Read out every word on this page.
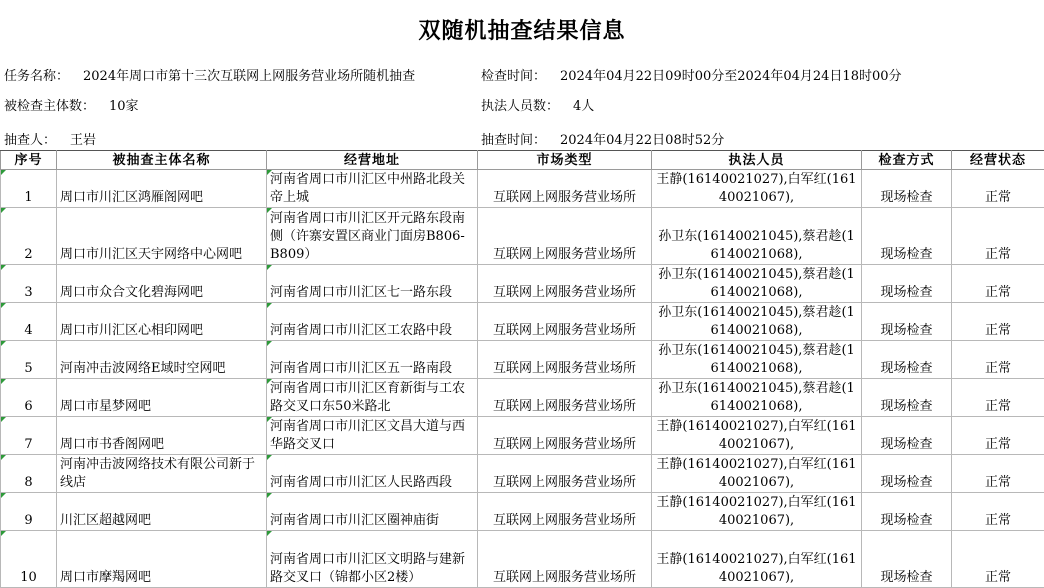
双随机抽查结果信息
任务名称： 2024年周口市第十三次互联网上网服务营业场所随机抽查	检查时间： 2024年04月22日09时00分至2024年04月24日18时00分
被检查主体数： 10家	执法人员数： 4人
抽查人： 王岩	抽查时间： 2024年04月22日08时52分
序号	被抽查主体名称	经营地址	市场类型	执法人员	检查方式	经营状态
1	周口市川汇区鸿雁阁网吧	河南省周口市川汇区中州路北段关帝上城	互联网上网服务营业场所	王静(16140021027),白军红(16140021067),	现场检查	正常
2	周口市川汇区天宇网络中心网吧	河南省周口市川汇区开元路东段南侧（许寨安置区商业门面房B806-B809）	互联网上网服务营业场所	孙卫东(16140021045),蔡君趁(16140021068),	现场检查	正常
3	周口市众合文化碧海网吧	河南省周口市川汇区七一路东段	互联网上网服务营业场所	孙卫东(16140021045),蔡君趁(16140021068),	现场检查	正常
4	周口市川汇区心相印网吧	河南省周口市川汇区工农路中段	互联网上网服务营业场所	孙卫东(16140021045),蔡君趁(16140021068),	现场检查	正常
5	河南冲击波网络E域时空网吧	河南省周口市川汇区五一路南段	互联网上网服务营业场所	孙卫东(16140021045),蔡君趁(16140021068),	现场检查	正常
6	周口市星梦网吧	河南省周口市川汇区育新街与工农路交叉口东50米路北	互联网上网服务营业场所	孙卫东(16140021045),蔡君趁(16140021068),	现场检查	正常
7	周口市书香阁网吧	河南省周口市川汇区文昌大道与西华路交叉口	互联网上网服务营业场所	王静(16140021027),白军红(16140021067),	现场检查	正常
8	河南冲击波网络技术有限公司新于线店	河南省周口市川汇区人民路西段	互联网上网服务营业场所	王静(16140021027),白军红(16140021067),	现场检查	正常
9	川汇区超越网吧	河南省周口市川汇区圈神庙街	互联网上网服务营业场所	王静(16140021027),白军红(16140021067),	现场检查	正常
10	周口市摩羯网吧	河南省周口市川汇区文明路与建新路交叉口（锦都小区2楼）	互联网上网服务营业场所	王静(16140021027),白军红(16140021067),	现场检查	正常
